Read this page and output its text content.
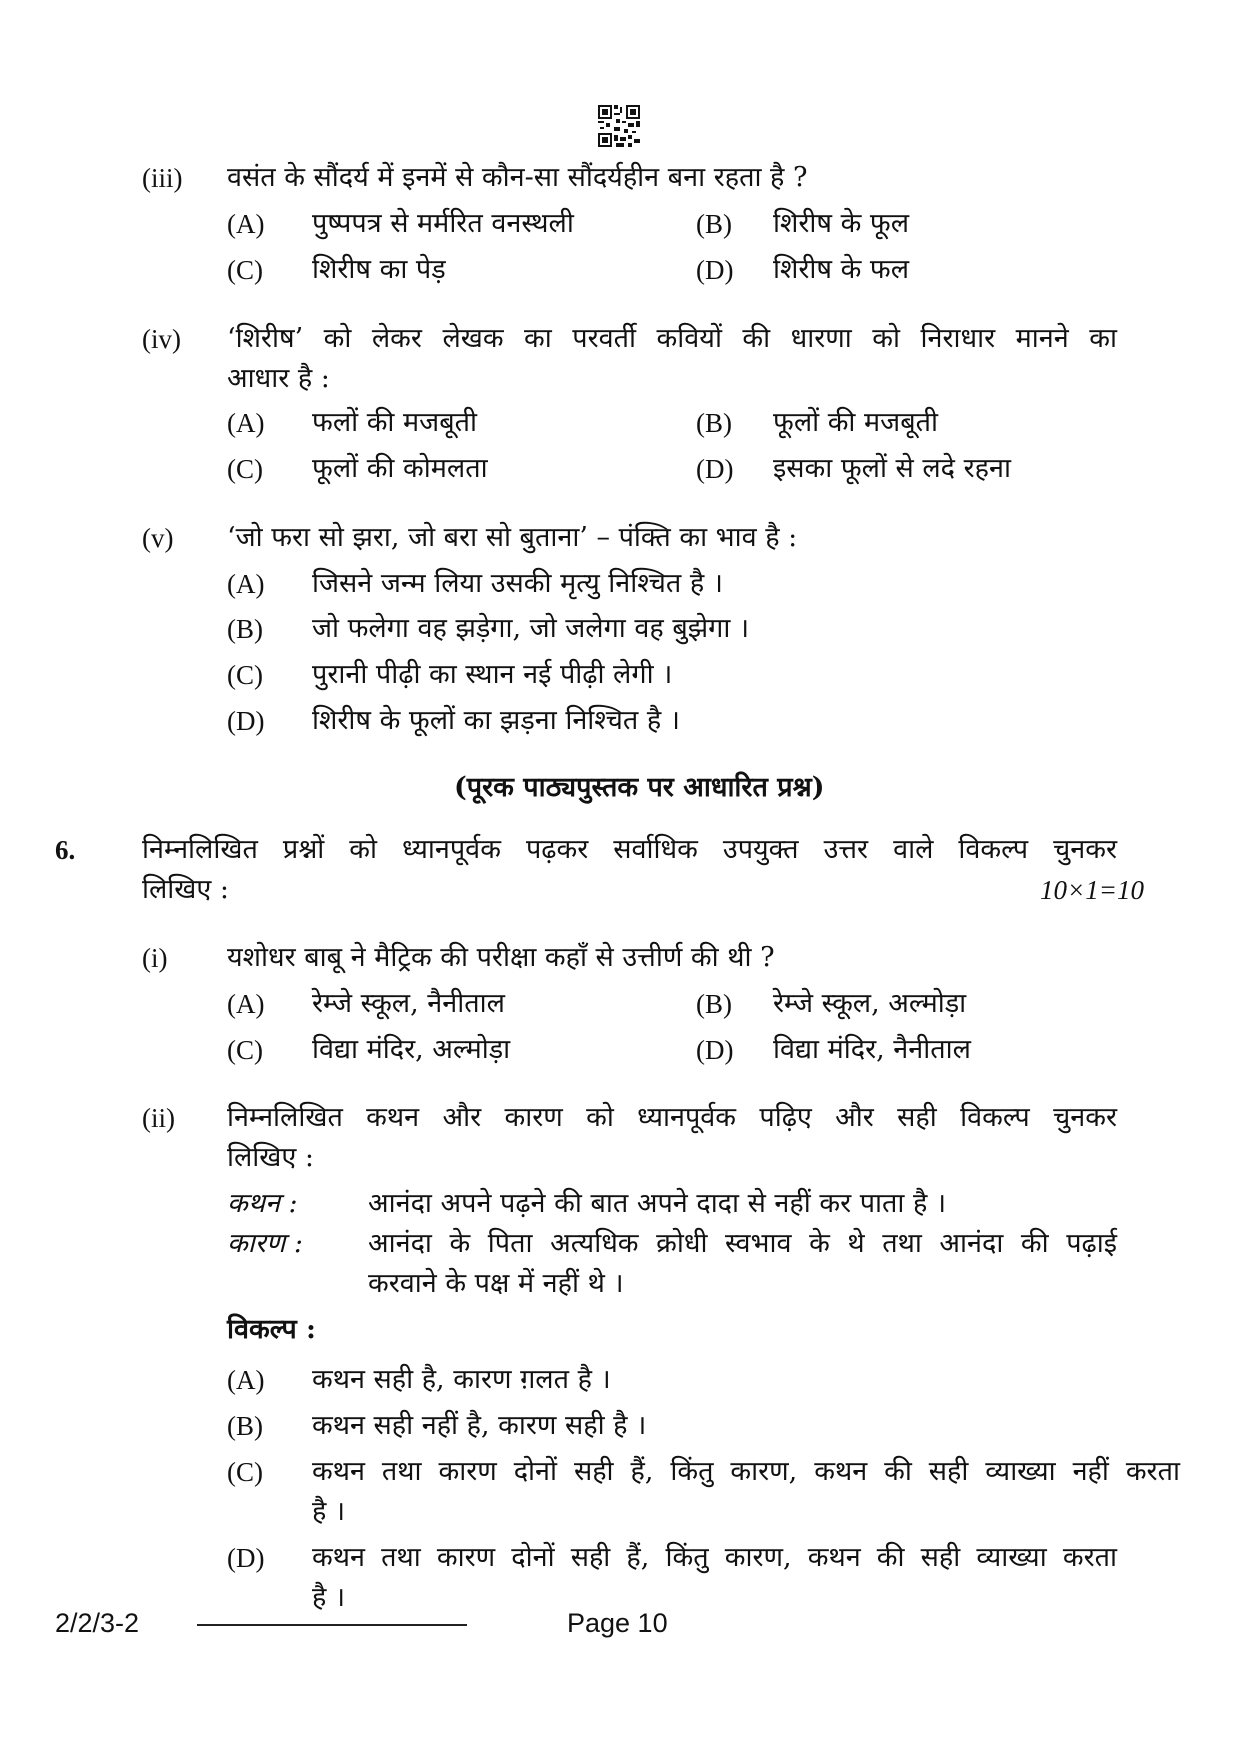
(iii) वसंत के सौंदर्य में इनमें से कौन-सा सौंदर्यहीन बना रहता है ?
(A) पुष्पपत्र से मर्मरित वनस्थली	(B) शिरीष के फूल
(C) शिरीष का पेड़	(D) शिरीष के फल
(iv) ‘शिरीष’ को लेकर लेखक का परवर्ती कवियों की धारणा को निराधार मानने का
आधार है :
(A) फलों की मजबूती	(B) फूलों की मजबूती
(C) फूलों की कोमलता	(D) इसका फूलों से लदे रहना
(v) ‘जो फरा सो झरा, जो बरा सो बुताना’ – पंक्ति का भाव है :
(A) जिसने जन्म लिया उसकी मृत्यु निश्चित है ।
(B) जो फलेगा वह झड़ेगा, जो जलेगा वह बुझेगा ।
(C) पुरानी पीढ़ी का स्थान नई पीढ़ी लेगी ।
(D) शिरीष के फूलों का झड़ना निश्चित है ।
(पूरक पाठ्यपुस्तक पर आधारित प्रश्न)
6. निम्नलिखित प्रश्नों को ध्यानपूर्वक पढ़कर सर्वाधिक उपयुक्त उत्तर वाले विकल्प चुनकर
लिखिए :	10×1=10
(i) यशोधर बाबू ने मैट्रिक की परीक्षा कहाँ से उत्तीर्ण की थी ?
(A) रेम्जे स्कूल, नैनीताल	(B) रेम्जे स्कूल, अल्मोड़ा
(C) विद्या मंदिर, अल्मोड़ा	(D) विद्या मंदिर, नैनीताल
(ii) निम्नलिखित कथन और कारण को ध्यानपूर्वक पढ़िए और सही विकल्प चुनकर
लिखिए :
कथन :	आनंदा अपने पढ़ने की बात अपने दादा से नहीं कर पाता है ।
कारण : आनंदा के पिता अत्यधिक क्रोधी स्वभाव के थे तथा आनंदा की पढ़ाई
करवाने के पक्ष में नहीं थे ।
विकल्प :
(A) कथन सही है, कारण ग़लत है ।
(B) कथन सही नहीं है, कारण सही है ।
(C) कथन तथा कारण दोनों सही हैं, किंतु कारण, कथन की सही व्याख्या नहीं करता
है ।
(D) कथन तथा कारण दोनों सही हैं, किंतु कारण, कथन की सही व्याख्या करता
है ।
2/2/3-2	Page 10
